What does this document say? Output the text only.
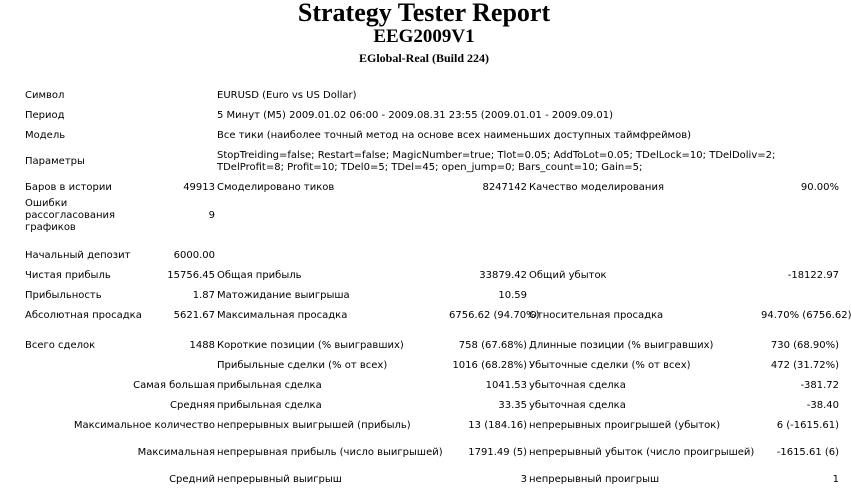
Strategy Tester Report
EEG2009V1
EGlobal-Real (Build 224)
Символ		EURUSD (Euro vs US Dollar)			
Период		5 Минут (M5) 2009.01.02 06:00 - 2009.08.31 23:55 (2009.01.01 - 2009.09.01)			
Модель		Все тики (наиболее точный метод на основе всех наименьших доступных таймфреймов)			
Параметры		StopTreiding=false; Restart=false; MagicNumber=true; Tlot=0.05; AddToLot=0.05; TDelLock=10; TDelDoliv=2; TDelProfit=8; Profit=10; TDel0=5; TDel=45; open_jump=0; Bars_count=10; Gain=5;			
Баров в истории	49913	Смоделировано тиков	8247142	Качество моделирования	90.00%
Ошибки рассогласования графиков	9				

Начальный депозит	6000.00				
Чистая прибыль	15756.45	Общая прибыль	33879.42	Общий убыток	-18122.97
Прибыльность	1.87	Матожидание выигрыша	10.59		
Абсолютная просадка	5621.67	Максимальная просадка	6756.62 (94.70%)	Относительная просадка	94.70% (6756.62)

Всего сделок	1488	Короткие позиции (% выигравших)	758 (67.68%)	Длинные позиции (% выигравших)	730 (68.90%)
		Прибыльные сделки (% от всех)	1016 (68.28%)	Убыточные сделки (% от всех)	472 (31.72%)
Самая большая		прибыльная сделка	1041.53	убыточная сделка	-381.72
Средняя		прибыльная сделка	33.35	убыточная сделка	-38.40
Максимальное количество		непрерывных выигрышей (прибыль)	13 (184.16)	непрерывных проигрышей (убыток)	6 (-1615.61)
Максимальная		непрерывная прибыль (число выигрышей)	1791.49 (5)	непрерывный убыток (число проигрышей)	-1615.61 (6)
Средний		непрерывный выигрыш	3	непрерывный проигрыш	1
